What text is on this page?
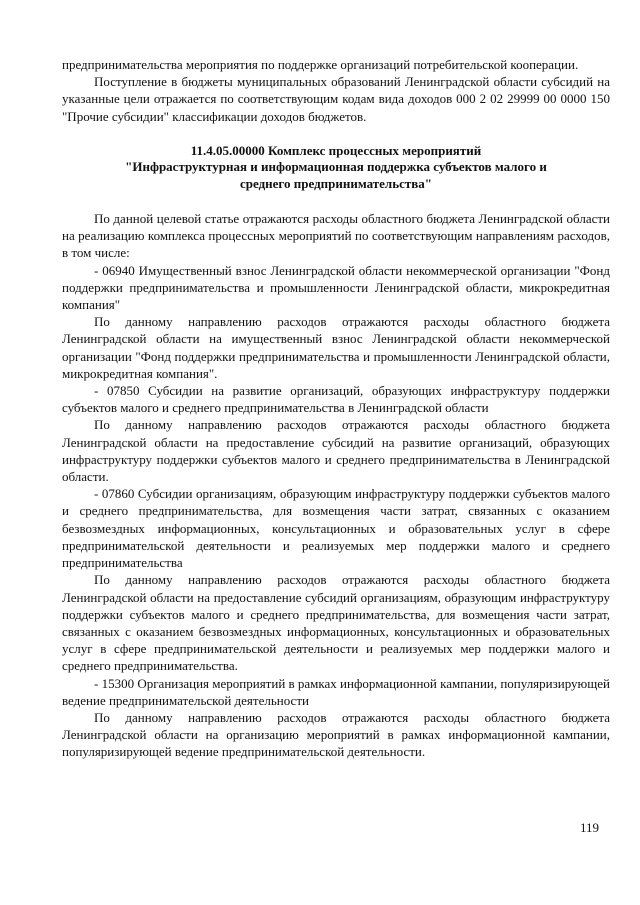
предпринимательства мероприятия по поддержке организаций потребительской кооперации.

Поступление в бюджеты муниципальных образований Ленинградской области субсидий на указанные цели отражается по соответствующим кодам вида доходов 000 2 02 29999 00 0000 150 "Прочие субсидии" классификации доходов бюджетов.

11.4.05.00000 Комплекс процессных мероприятий
"Инфраструктурная и информационная поддержка субъектов малого и
среднего предпринимательства"

По данной целевой статье отражаются расходы областного бюджета Ленинградской области на реализацию комплекса процессных мероприятий по соответствующим направлениям расходов, в том числе:

- 06940 Имущественный взнос Ленинградской области некоммерческой организации "Фонд поддержки предпринимательства и промышленности Ленинградской области, микрокредитная компания"

По данному направлению расходов отражаются расходы областного бюджета Ленинградской области на имущественный взнос Ленинградской области некоммерческой организации "Фонд поддержки предпринимательства и промышленности Ленинградской области, микрокредитная компания".

- 07850 Субсидии на развитие организаций, образующих инфраструктуру поддержки субъектов малого и среднего предпринимательства в Ленинградской области

По данному направлению расходов отражаются расходы областного бюджета Ленинградской области на предоставление субсидий на развитие организаций, образующих инфраструктуру поддержки субъектов малого и среднего предпринимательства в Ленинградской области.

- 07860 Субсидии организациям, образующим инфраструктуру поддержки субъектов малого и среднего предпринимательства, для возмещения части затрат, связанных с оказанием безвозмездных информационных, консультационных и образовательных услуг в сфере предпринимательской деятельности и реализуемых мер поддержки малого и среднего предпринимательства

По данному направлению расходов отражаются расходы областного бюджета Ленинградской области на предоставление субсидий организациям, образующим инфраструктуру поддержки субъектов малого и среднего предпринимательства, для возмещения части затрат, связанных с оказанием безвозмездных информационных, консультационных и образовательных услуг в сфере предпринимательской деятельности и реализуемых мер поддержки малого и среднего предпринимательства.

- 15300 Организация мероприятий в рамках информационной кампании, популяризирующей ведение предпринимательской деятельности

По данному направлению расходов отражаются расходы областного бюджета Ленинградской области на организацию мероприятий в рамках информационной кампании, популяризирующей ведение предпринимательской деятельности.

119
